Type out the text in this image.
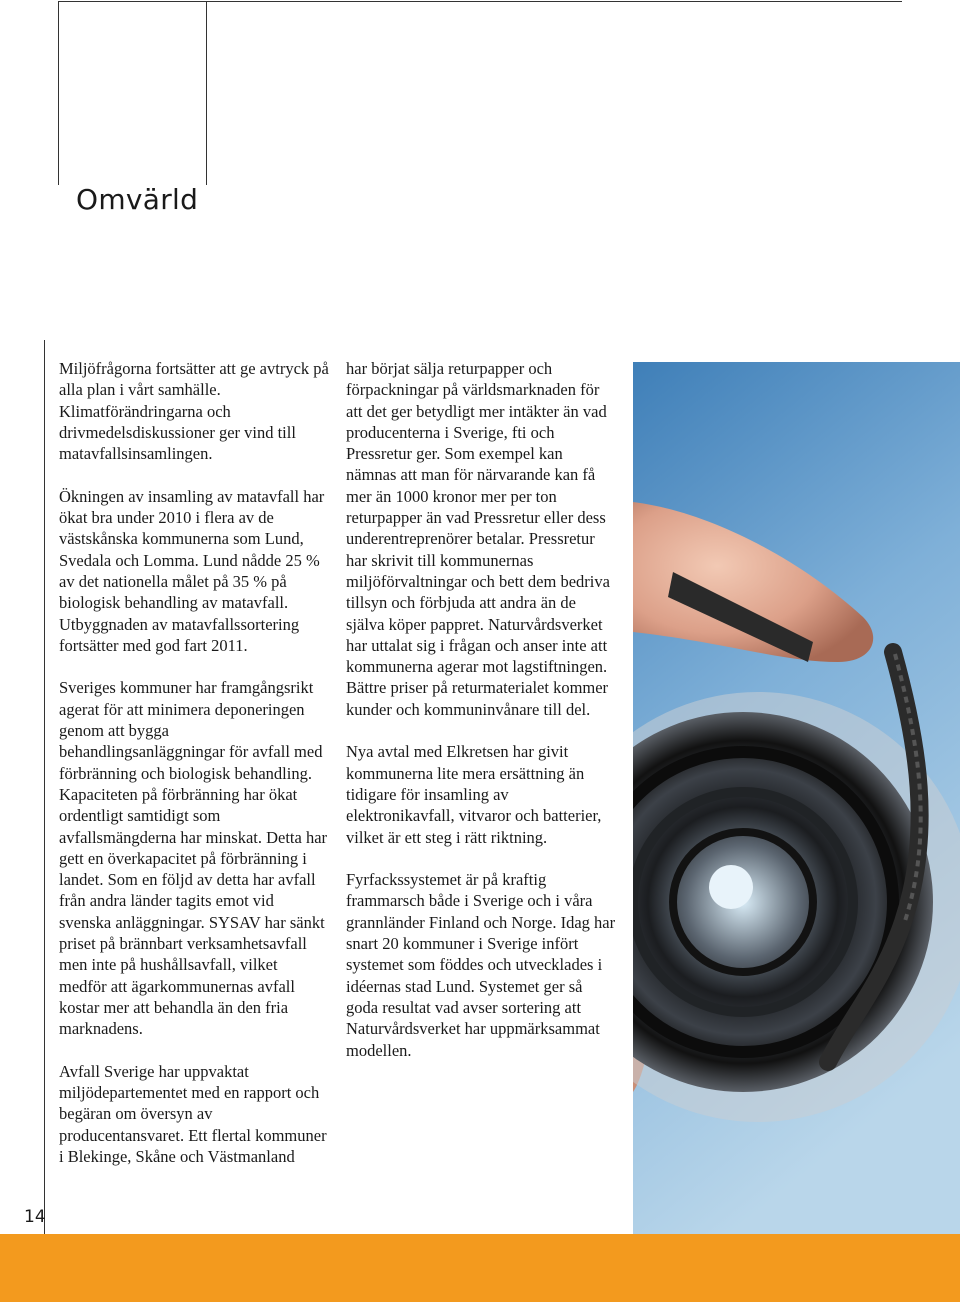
Omvärld
14

Miljöfrågorna fortsätter att ge avtryck på alla plan i vårt samhälle. Klimatförändringarna och drivmedelsdiskussioner ger vind till matavfallsinsamlingen.

Ökningen av insamling av matavfall har ökat bra under 2010 i flera av de västskånska kommunerna som Lund, Svedala och Lomma. Lund nådde 25 % av det nationella målet på 35 % på biologisk behandling av matavfall. Utbyggnaden av matavfallssortering fortsätter med god fart 2011.

Sveriges kommuner har framgångsrikt agerat för att minimera deponeringen genom att bygga behandlingsanläggningar för avfall med förbränning och biologisk behandling. Kapaciteten på förbränning har ökat ordentligt samtidigt som avfallsmängderna har minskat. Detta har gett en överkapacitet på förbränning i landet. Som en följd av detta har avfall från andra länder tagits emot vid svenska anläggningar. SYSAV har sänkt priset på brännbart verksamhetsavfall men inte på hushållsavfall, vilket medför att ägarkommunernas avfall kostar mer att behandla än den fria marknadens.

Avfall Sverige har uppvaktat miljödepartementet med en rapport och begäran om översyn av producentansvaret. Ett flertal kommuner i Blekinge, Skåne och Västmanland

har börjat sälja returpapper och förpackningar på världsmarknaden för att det ger betydligt mer intäkter än vad producenterna i Sverige, fti och Pressretur ger. Som exempel kan nämnas att man för närvarande kan få mer än 1000 kronor mer per ton returpapper än vad Pressretur eller dess underentreprenörer betalar. Pressretur har skrivit till kommunernas miljöförvaltningar och bett dem bedriva tillsyn och förbjuda att andra än de själva köper pappret. Naturvårdsverket har uttalat sig i frågan och anser inte att kommunerna agerar mot lagstiftningen. Bättre priser på returmaterialet kommer kunder och kommuninvånare till del.

Nya avtal med Elkretsen har givit kommunerna lite mera ersättning än tidigare för insamling av elektronikavfall, vitvaror och batterier, vilket är ett steg i rätt riktning.

Fyrfackssystemet är på kraftig frammarsch både i Sverige och i våra grannländer Finland och Norge. Idag har snart 20 kommuner i Sverige infört systemet som föddes och utvecklades i idéernas stad Lund. Systemet ger så goda resultat vad avser sortering att Naturvårdsverket har uppmärksammat modellen.
